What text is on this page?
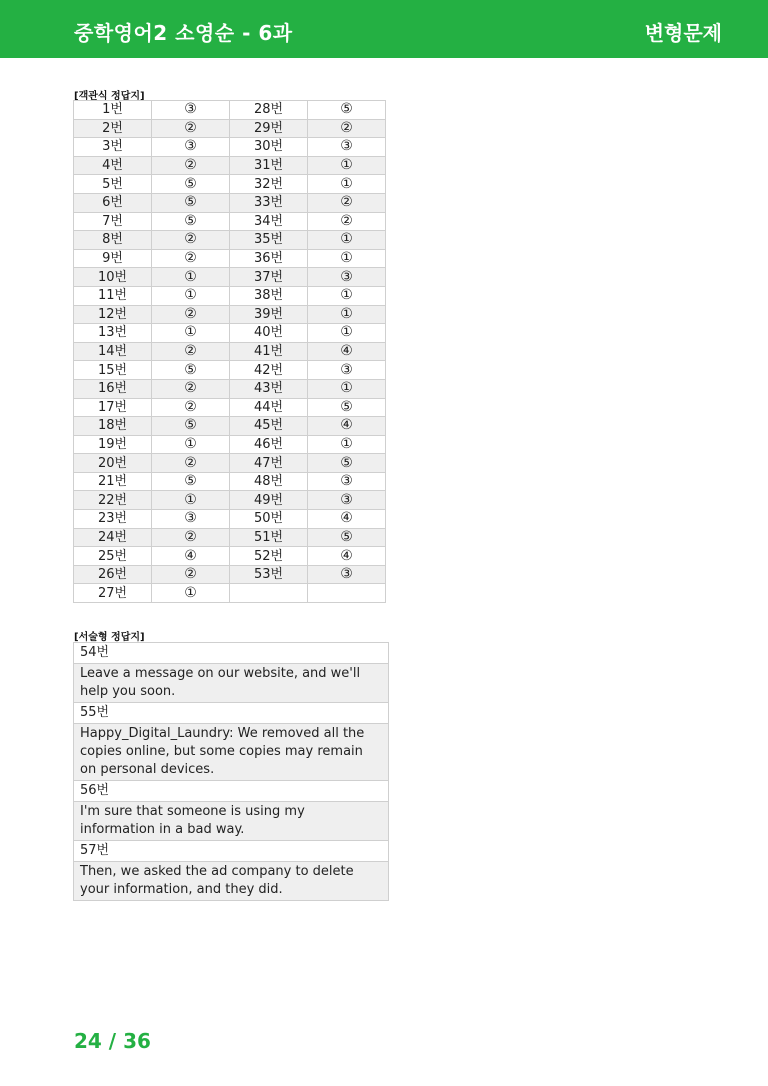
중학영어2 소영순 - 6과	변형문제
[객관식 정답지]
1번	③	28번	⑤
2번	②	29번	②
3번	③	30번	③
4번	②	31번	①
5번	⑤	32번	①
6번	⑤	33번	②
7번	⑤	34번	②
8번	②	35번	①
9번	②	36번	①
10번	①	37번	③
11번	①	38번	①
12번	②	39번	①
13번	①	40번	①
14번	②	41번	④
15번	⑤	42번	③
16번	②	43번	①
17번	②	44번	⑤
18번	⑤	45번	④
19번	①	46번	①
20번	②	47번	⑤
21번	⑤	48번	③
22번	①	49번	③
23번	③	50번	④
24번	②	51번	⑤
25번	④	52번	④
26번	②	53번	③
27번	①		
[서술형 정답지]
54번
Leave a message on our website, and we'll help you soon.
55번
Happy_Digital_Laundry: We removed all the copies online, but some copies may remain on personal devices.
56번
I'm sure that someone is using my information in a bad way.
57번
Then, we asked the ad company to delete your information, and they did.
24 / 36
